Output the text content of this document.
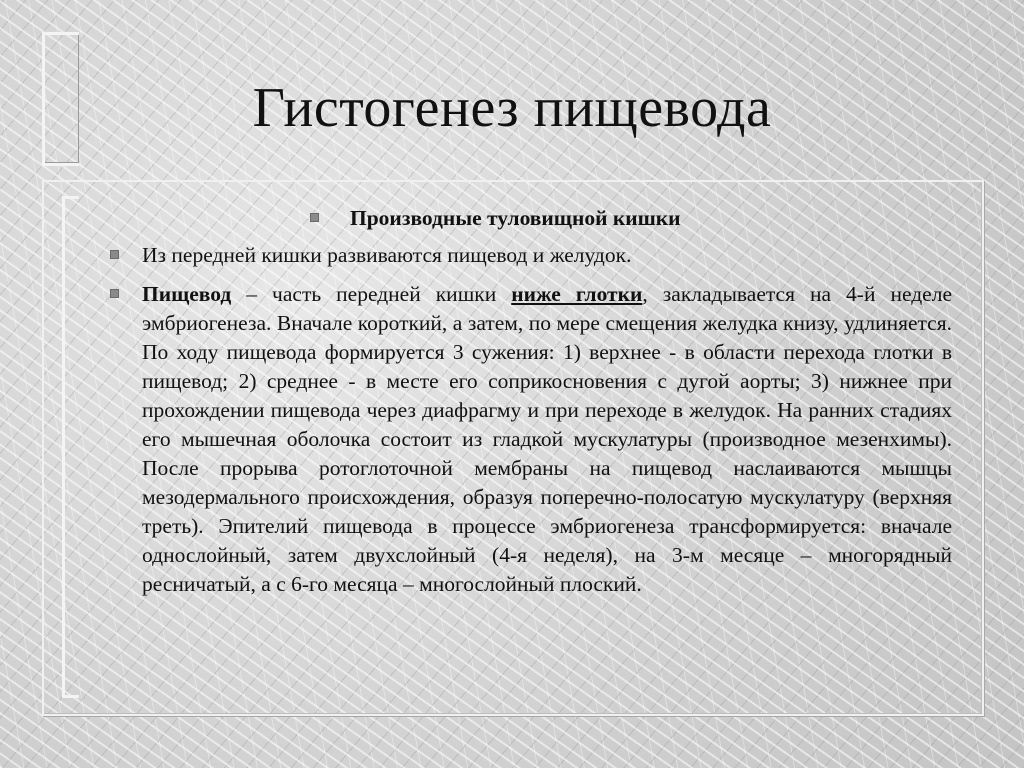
Гистогенез пищевода
Производные туловищной кишки
Из передней кишки развиваются пищевод и желудок.

Пищевод – часть передней кишки ниже глотки, закладывается на 4-й неделе эмбриогенеза. Вначале короткий, а затем, по мере смещения желудка книзу, удлиняется. По ходу пищевода формируется 3 сужения: 1) верхнее - в области перехода глотки в пищевод; 2) среднее - в месте его соприкосновения с дугой аорты; 3) нижнее при прохождении пищевода через диафрагму и при переходе в желудок. На ранних стадиях его мышечная оболочка состоит из гладкой мускулатуры (производное мезенхимы). После прорыва ротоглоточной мембраны на пищевод наслаиваются мышцы мезодермального происхождения, образуя поперечно-полосатую мускулатуру (верхняя треть). Эпителий пищевода в процессе эмбриогенеза трансформируется: вначале однослойный, затем двухслойный (4-я неделя), на 3-м месяце – многорядный ресничатый, а с 6-го месяца – многослойный плоский.
